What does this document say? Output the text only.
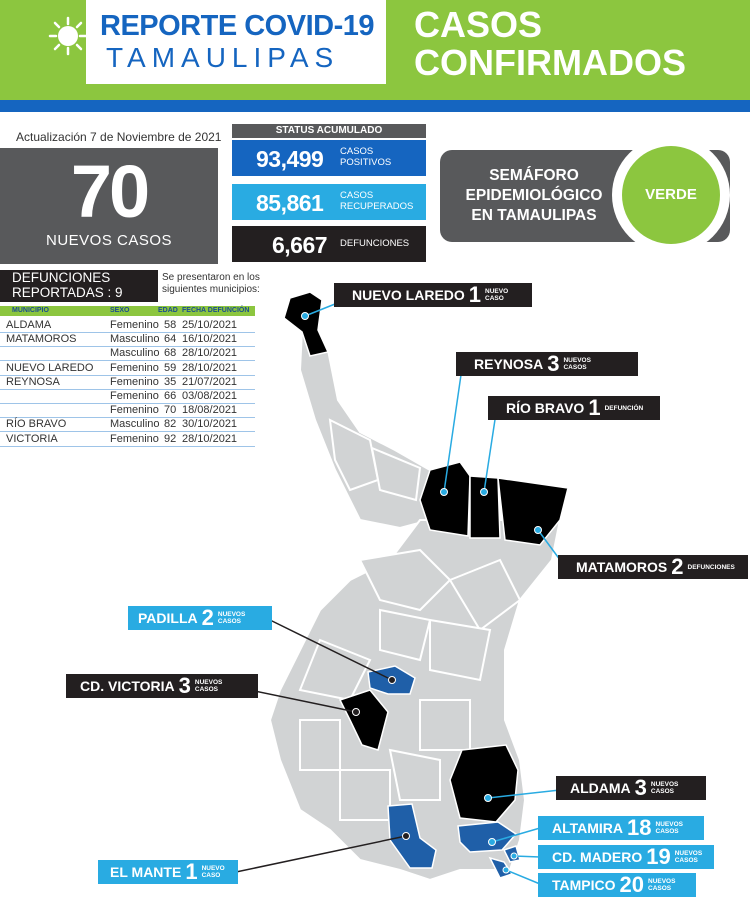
REPORTE COVID-19
TAMAULIPAS
CASOS
CONFIRMADOS
Actualización 7 de Noviembre de 2021
70
NUEVOS CASOS
STATUS ACUMULADO
93,499 CASOS
POSITIVOS
85,861 CASOS
RECUPERADOS
6,667 DEFUNCIONES
SEMÁFORO
EPIDEMIOLÓGICO
EN TAMAULIPAS
VERDE
DEFUNCIONES
REPORTADAS : 9
Se presentaron en los siguientes municipios:
MUNICIPIO	SEXO	EDAD FECHA DEFUNCIÓN
ALDAMA	Femenino 58 25/10/2021
MATAMOROS	Masculino 64 16/10/2021
Masculino 68 28/10/2021
NUEVO LAREDO Femenino 59 28/10/2021
REYNOSA	Femenino 35 21/07/2021
Femenino 66 03/08/2021
Femenino 70 18/08/2021
RÍO BRAVO	Masculino 82 30/10/2021
VICTORIA	Femenino 92 28/10/2021
NUEVO LAREDO 1 NUEVO
CASO
REYNOSA 3 NUEVOS
CASOS
RÍO BRAVO 1 DEFUNCIÓN
MATAMOROS 2 DEFUNCIONES
PADILLA 2 NUEVOS
CASOS
CD. VICTORIA 3 NUEVOS
CASOS
ALDAMA 3 NUEVOS
CASOS
ALTAMIRA 18 NUEVOS
CASOS
CD. MADERO 19 NUEVOS
CASOS
TAMPICO 20 NUEVOS
CASOS
EL MANTE 1 NUEVO
CASO
